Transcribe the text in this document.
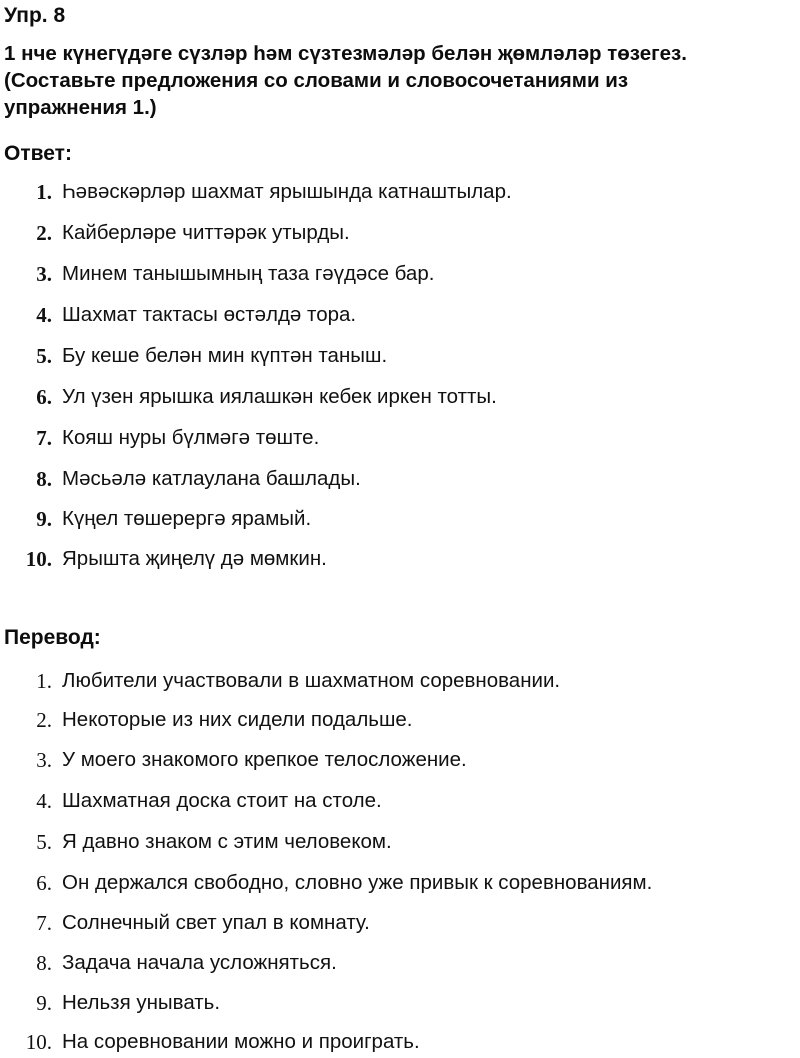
Упр. 8
1 нче күнегүдәге сүзләр һәм сүзтезмәләр белән җөмләләр төзегез.
(Составьте предложения со словами и словосочетаниями из
упражнения 1.)
Ответ:
1. Һәвәскәрләр шахмат ярышында катнаштылар.
2. Кайберләре читтәрәк утырды.
3. Минем танышымның таза гәүдәсе бар.
4. Шахмат тактасы өстәлдә тора.
5. Бу кеше белән мин күптән таныш.
6. Ул үзен ярышка иялашкән кебек иркен тотты.
7. Кояш нуры бүлмәгә төште.
8. Мәсьәлә катлаулана башлады.
9. Күңел төшерергә ярамый.
10. Ярышта җиңелү дә мөмкин.
Перевод:
1. Любители участвовали в шахматном соревновании.
2. Некоторые из них сидели подальше.
3. У моего знакомого крепкое телосложение.
4. Шахматная доска стоит на столе.
5. Я давно знаком с этим человеком.
6. Он держался свободно, словно уже привык к соревнованиям.
7. Солнечный свет упал в комнату.
8. Задача начала усложняться.
9. Нельзя унывать.
10. На соревновании можно и проиграть.
